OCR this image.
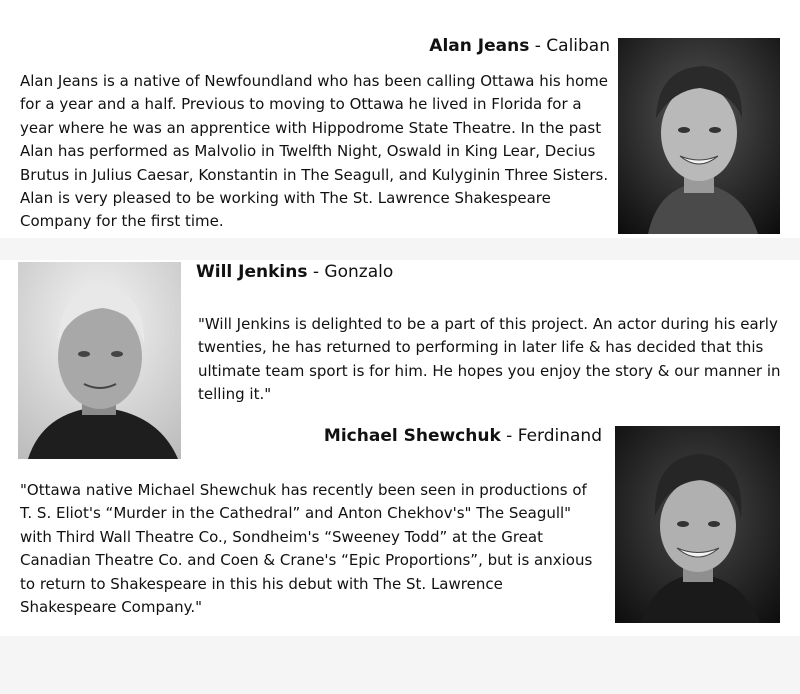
Alan Jeans - Caliban

Alan Jeans is a native of Newfoundland who has been calling Ottawa his home for a year and a half. Previous to moving to Ottawa he lived in Florida for a year where he was an apprentice with Hippodrome State Theatre. In the past Alan has performed as Malvolio in Twelfth Night, Oswald in King Lear, Decius Brutus in Julius Caesar, Konstantin in The Seagull, and Kulyginin Three Sisters. Alan is very pleased to be working with The St. Lawrence Shakespeare Company for the first time.

Will Jenkins - Gonzalo

"Will Jenkins is delighted to be a part of this project. An actor during his early twenties, he has returned to performing in later life & has decided that this ultimate team sport is for him. He hopes you enjoy the story & our manner in telling it."

Michael Shewchuk - Ferdinand

"Ottawa native Michael Shewchuk has recently been seen in productions of T. S. Eliot's “Murder in the Cathedral” and Anton Chekhov's" The Seagull" with Third Wall Theatre Co., Sondheim's “Sweeney Todd” at the Great Canadian Theatre Co. and Coen & Crane's “Epic Proportions”, but is anxious to return to Shakespeare in this his debut with The St. Lawrence Shakespeare Company."
